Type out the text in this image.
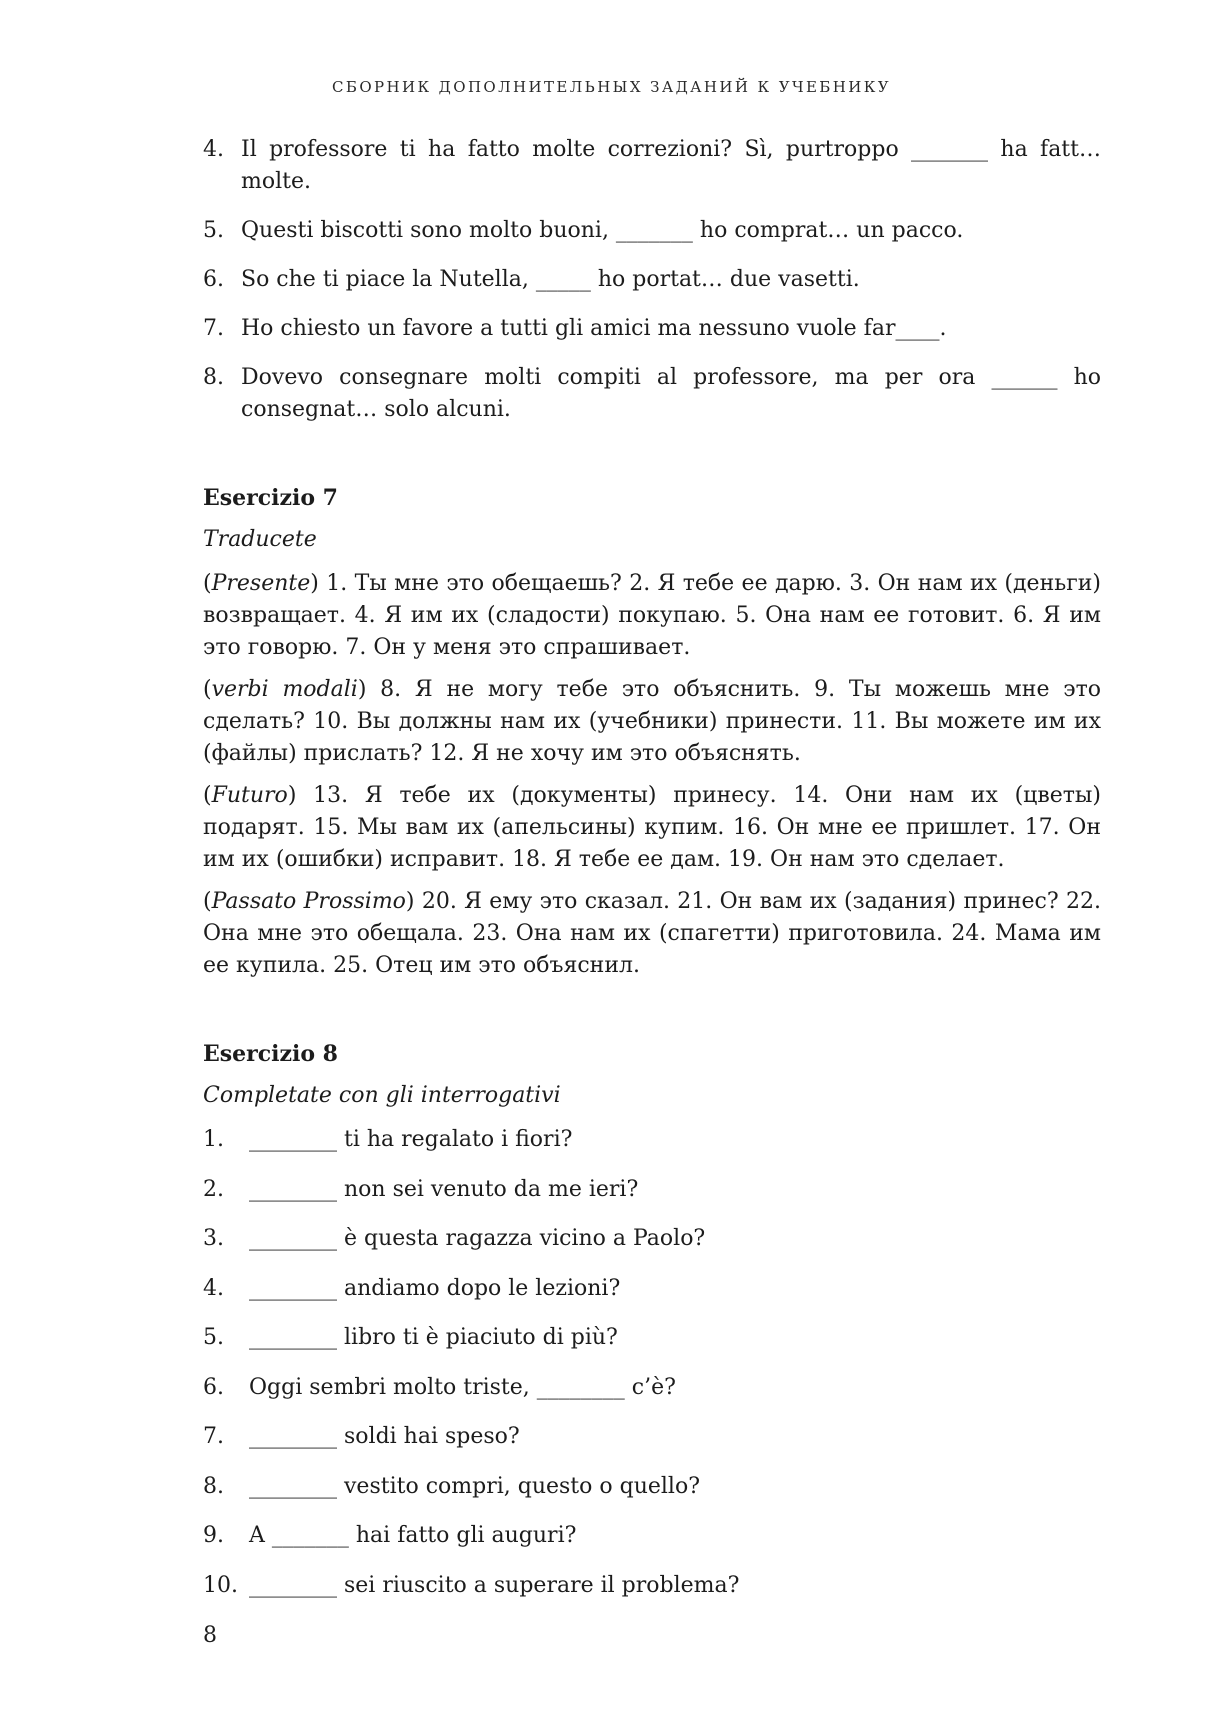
СБОРНИК ДОПОЛНИТЕЛЬНЫХ ЗАДАНИЙ К УЧЕБНИКУ
4. Il professore ti ha fatto molte correzioni? Sì, purtroppo _______ ha fatt… molte.
5. Questi biscotti sono molto buoni, _______ ho comprat… un pacco.
6. So che ti piace la Nutella, _____ ho portat… due vasetti.
7. Ho chiesto un favore a tutti gli amici ma nessuno vuole far____.
8. Dovevo consegnare molti compiti al professore, ma per ora ______ ho consegnat… solo alcuni.
Esercizio 7
Traducete

(Presente) 1. Ты мне это обещаешь? 2. Я тебе ее дарю. 3. Он нам их (деньги) возвращает. 4. Я им их (сладости) покупаю. 5. Она нам ее готовит. 6. Я им это говорю. 7. Он у меня это спрашивает.

(verbi modali) 8. Я не могу тебе это объяснить. 9. Ты можешь мне это сделать? 10. Вы должны нам их (учебники) принести. 11. Вы можете им их (файлы) прислать? 12. Я не хочу им это объяснять.

(Futuro) 13. Я тебе их (документы) принесу. 14. Они нам их (цветы) подарят. 15. Мы вам их (апельсины) купим. 16. Он мне ее пришлет. 17. Он им их (ошибки) исправит. 18. Я тебе ее дам. 19. Он нам это сделает.

(Passato Prossimo) 20. Я ему это сказал. 21. Он вам их (задания) принес? 22. Она мне это обещала. 23. Она нам их (спагетти) приготовила. 24. Мама им ее купила. 25. Отец им это объяснил.

Esercizio 8
Completate con gli interrogativi
1.	________ ti ha regalato i fiori?
2.	________ non sei venuto da me ieri?
3.	________ è questa ragazza vicino a Paolo?
4.	________ andiamo dopo le lezioni?
5.	________ libro ti è piaciuto di più?
6.	Oggi sembri molto triste, ________ c’è?
7.	________ soldi hai speso?
8.	________ vestito compri, questo o quello?
9.	A _______ hai fatto gli auguri?
10. ________ sei riuscito a superare il problema?
8
